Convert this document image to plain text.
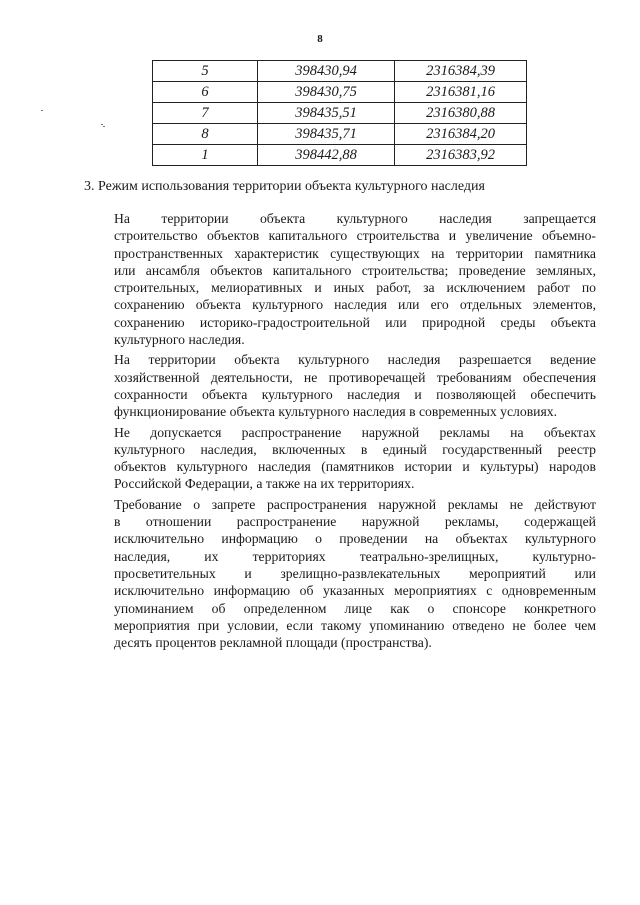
8
5	398430,94	2316384,39
6	398430,75	2316381,16
7	398435,51	2316380,88
8	398435,71	2316384,20
1	398442,88	2316383,92
3. Режим использования территории объекта культурного наследия

На территории объекта культурного наследия запрещается
строительство объектов капитального строительства и увеличение объемно-
пространственных характеристик существующих на территории памятника
или ансамбля объектов капитального строительства; проведение земляных,
строительных, мелиоративных и иных работ, за исключением работ по
сохранению объекта культурного наследия или его отдельных элементов,
сохранению историко-градостроительной или природной среды объекта
культурного наследия.

На территории объекта культурного наследия разрешается ведение
хозяйственной деятельности, не противоречащей требованиям обеспечения
сохранности объекта культурного наследия и позволяющей обеспечить
функционирование объекта культурного наследия в современных условиях.

Не допускается распространение наружной рекламы на объектах
культурного наследия, включенных в единый государственный реестр
объектов культурного наследия (памятников истории и культуры) народов
Российской Федерации, а также на их территориях.

Требование о запрете распространения наружной рекламы не действуют
в отношении распространение наружной рекламы, содержащей
исключительно информацию о проведении на объектах культурного
наследия, их территориях театрально-зрелищных, культурно-
просветительных и зрелищно-развлекательных мероприятий или
исключительно информацию об указанных мероприятиях с одновременным
упоминанием об определенном лице как о спонсоре конкретного
мероприятия при условии, если такому упоминанию отведено не более чем
десять процентов рекламной площади (пространства).
